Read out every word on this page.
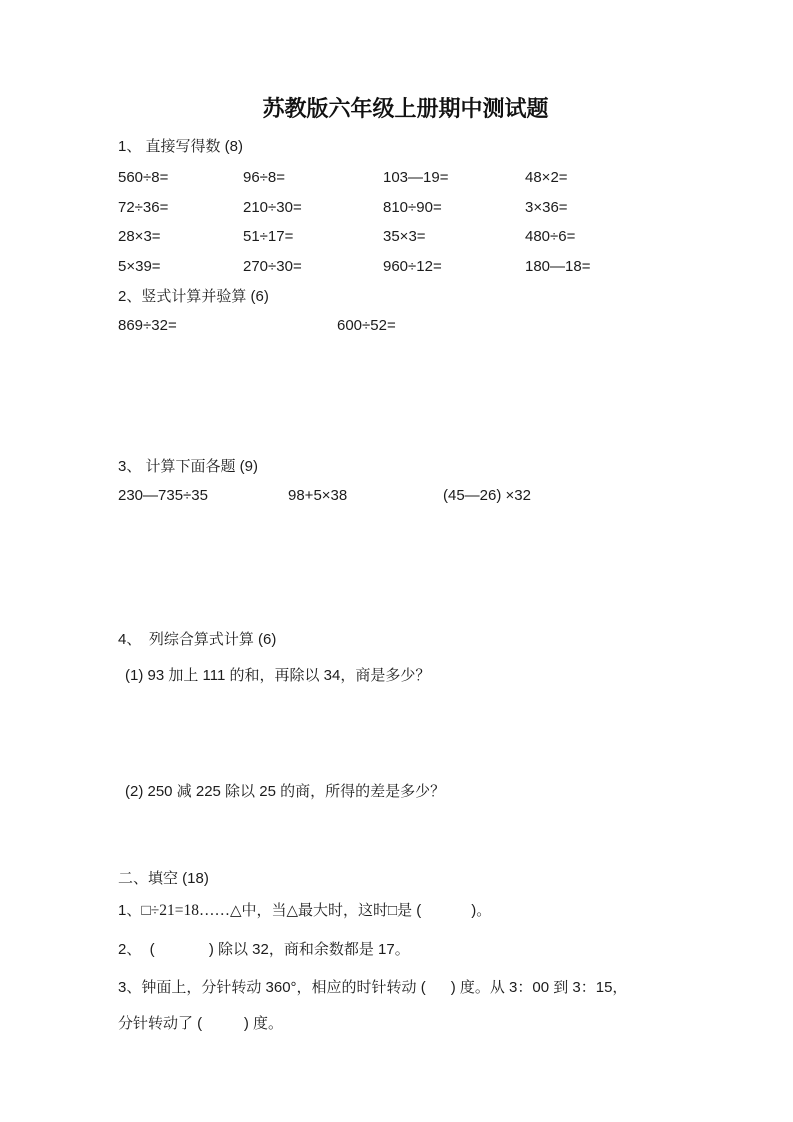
苏教版六年级上册期中测试题
1、 直接写得数 (8)
560÷8=	96÷8=	103—19=	48×2=
72÷36=	210÷30=	810÷90=	3×36=
28×3=	51÷17=	35×3=	480÷6=
5×39=	270÷30=	960÷12=	180—18=
2、竖式计算并验算 (6)
869÷32=	600÷52=
3、 计算下面各题 (9)
230—735÷35	98+5×38	(45—26) ×32
4、　列综合算式计算 (6)
(1) 93 加上 111 的和，再除以 34，商是多少？
(2) 250 减 225 除以 25 的商，所得的差是多少？
二、填空 (18)
1、□÷21=18……△中，当△最大时，这时□是 (            )。
2、  (             ) 除以 32，商和余数都是 17。
3、钟面上，分针转动 360°，相应的时针转动 (      ) 度。从 3：00 到 3：15，
分针转动了 (          ) 度。
